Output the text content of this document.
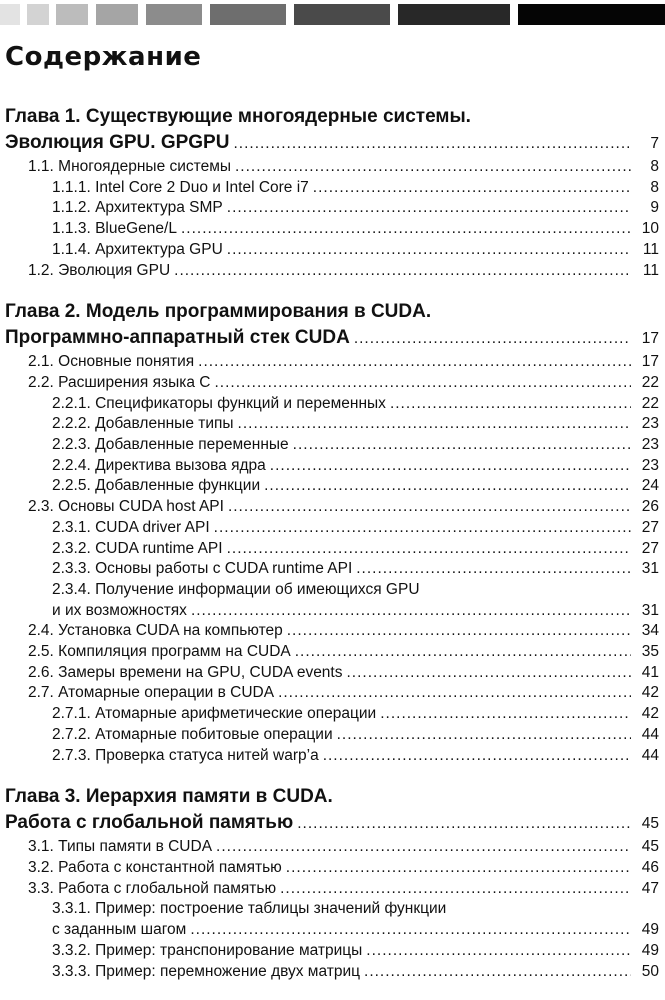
Содержание
Глава 1. Существующие многоядерные системы.
Эволюция GPU. GPGPU .....	7
1.1. Многоядерные системы .....	8
1.1.1. Intel Core 2 Duo и Intel Core i7 .....	8
1.1.2. Архитектура SMP .....	9
1.1.3. BlueGene/L .....	10
1.1.4. Архитектура GPU .....	11
1.2. Эволюция GPU .....	11
Глава 2. Модель программирования в CUDA.
Программно-аппаратный стек CUDA .....	17
2.1. Основные понятия .....	17
2.2. Расширения языка С .....	22
2.2.1. Спецификаторы функций и переменных .....	22
2.2.2. Добавленные типы .....	23
2.2.3. Добавленные переменные .....	23
2.2.4. Директива вызова ядра .....	23
2.2.5. Добавленные функции .....	24
2.3. Основы CUDA host API .....	26
2.3.1. CUDA driver API .....	27
2.3.2. CUDA runtime API .....	27
2.3.3. Основы работы с CUDA runtime API .....	31
2.3.4. Получение информации об имеющихся GPU
и их возможностях .....	31
2.4. Установка CUDA на компьютер .....	34
2.5. Компиляция программ на CUDA .....	35
2.6. Замеры времени на GPU, CUDA events .....	41
2.7. Атомарные операции в CUDA .....	42
2.7.1. Атомарные арифметические операции .....	42
2.7.2. Атомарные побитовые операции .....	44
2.7.3. Проверка статуса нитей warp’а .....	44
Глава 3. Иерархия памяти в CUDA.
Работа с глобальной памятью .....	45
3.1. Типы памяти в CUDA .....	45
3.2. Работа с константной памятью .....	46
3.3. Работа с глобальной памятью .....	47
3.3.1. Пример: построение таблицы значений функции
с заданным шагом .....	49
3.3.2. Пример: транспонирование матрицы .....	49
3.3.3. Пример: перемножение двух матриц .....	50
